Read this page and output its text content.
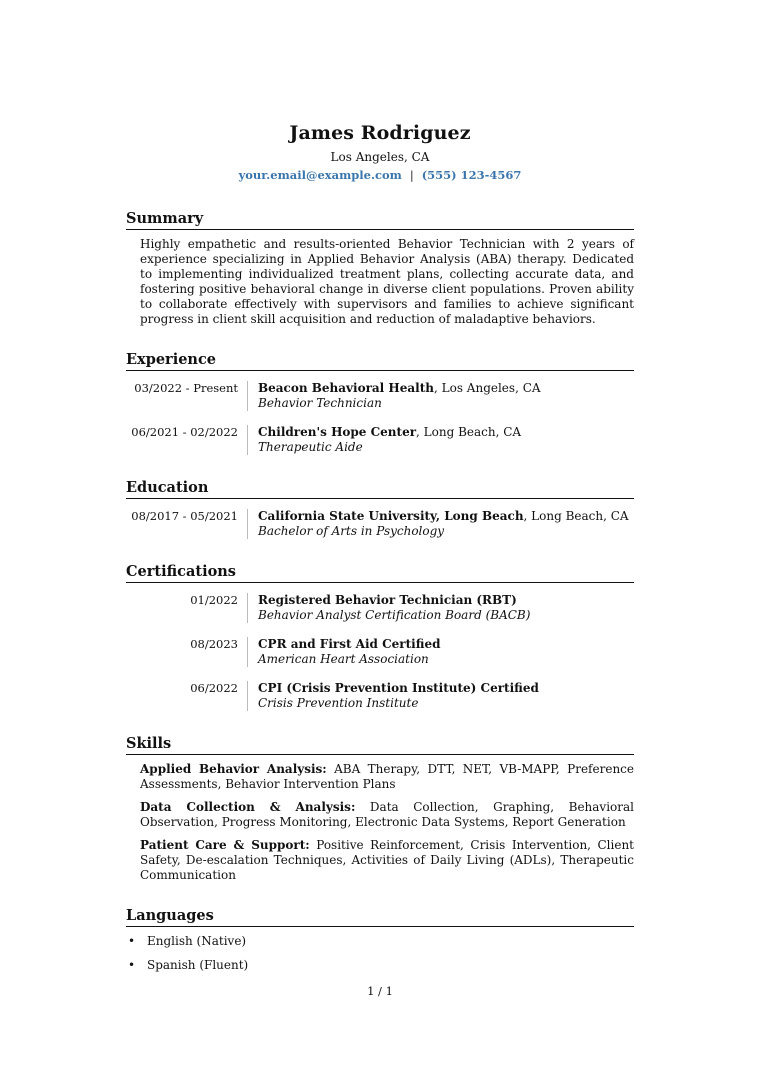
James Rodriguez
Los Angeles, CA
your.email@example.com | (555) 123-4567
Summary
Highly empathetic and results-oriented Behavior Technician with 2 years of experience specializing in Applied Behavior Analysis (ABA) therapy. Dedicated to implementing individualized treatment plans, collecting accurate data, and fostering positive behavioral change in diverse client populations. Proven ability to collaborate effectively with supervisors and families to achieve significant progress in client skill acquisition and reduction of maladaptive behaviors.
Experience
03/2022 - Present	Beacon Behavioral Health, Los Angeles, CA
Behavior Technician
06/2021 - 02/2022	Children's Hope Center, Long Beach, CA
Therapeutic Aide
Education
08/2017 - 05/2021	California State University, Long Beach, Long Beach, CA
Bachelor of Arts in Psychology
Certifications
01/2022	Registered Behavior Technician (RBT)
Behavior Analyst Certification Board (BACB)
08/2023	CPR and First Aid Certified
American Heart Association
06/2022	CPI (Crisis Prevention Institute) Certified
Crisis Prevention Institute
Skills
Applied Behavior Analysis: ABA Therapy, DTT, NET, VB-MAPP, Preference Assessments, Behavior Intervention Plans
Data Collection & Analysis: Data Collection, Graphing, Behavioral Observation, Progress Monitoring, Electronic Data Systems, Report Generation
Patient Care & Support: Positive Reinforcement, Crisis Intervention, Client Safety, De-escalation Techniques, Activities of Daily Living (ADLs), Therapeutic Communication
Languages
• English (Native)
• Spanish (Fluent)
1 / 1
